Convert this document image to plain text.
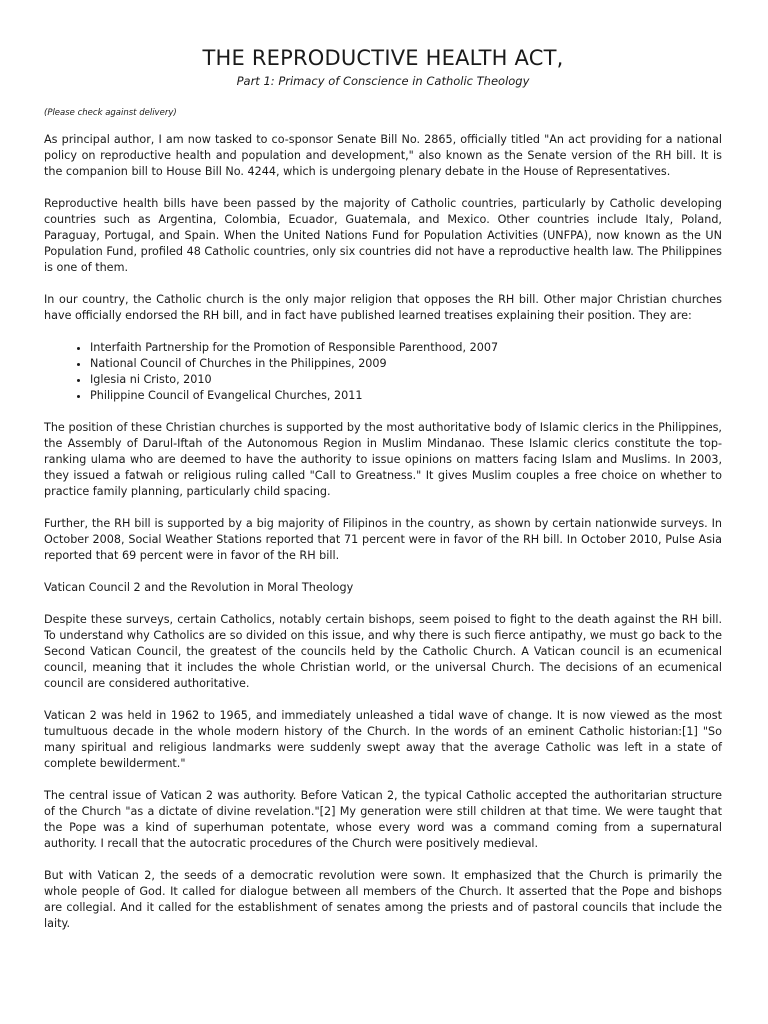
THE REPRODUCTIVE HEALTH ACT,
Part 1: Primacy of Conscience in Catholic Theology
(Please check against delivery)

As principal author, I am now tasked to co-sponsor Senate Bill No. 2865, officially titled "An act providing for a national policy on reproductive health and population and development," also known as the Senate version of the RH bill. It is the companion bill to House Bill No. 4244, which is undergoing plenary debate in the House of Representatives.

Reproductive health bills have been passed by the majority of Catholic countries, particularly by Catholic developing countries such as Argentina, Colombia, Ecuador, Guatemala, and Mexico. Other countries include Italy, Poland, Paraguay, Portugal, and Spain. When the United Nations Fund for Population Activities (UNFPA), now known as the UN Population Fund, profiled 48 Catholic countries, only six countries did not have a reproductive health law. The Philippines is one of them.

In our country, the Catholic church is the only major religion that opposes the RH bill. Other major Christian churches have officially endorsed the RH bill, and in fact have published learned treatises explaining their position. They are:

• Interfaith Partnership for the Promotion of Responsible Parenthood, 2007
• National Council of Churches in the Philippines, 2009
• Iglesia ni Cristo, 2010
• Philippine Council of Evangelical Churches, 2011

The position of these Christian churches is supported by the most authoritative body of Islamic clerics in the Philippines, the Assembly of Darul-Iftah of the Autonomous Region in Muslim Mindanao. These Islamic clerics constitute the top-ranking ulama who are deemed to have the authority to issue opinions on matters facing Islam and Muslims. In 2003, they issued a fatwah or religious ruling called "Call to Greatness." It gives Muslim couples a free choice on whether to practice family planning, particularly child spacing.

Further, the RH bill is supported by a big majority of Filipinos in the country, as shown by certain nationwide surveys. In October 2008, Social Weather Stations reported that 71 percent were in favor of the RH bill. In October 2010, Pulse Asia reported that 69 percent were in favor of the RH bill.

Vatican Council 2 and the Revolution in Moral Theology

Despite these surveys, certain Catholics, notably certain bishops, seem poised to fight to the death against the RH bill. To understand why Catholics are so divided on this issue, and why there is such fierce antipathy, we must go back to the Second Vatican Council, the greatest of the councils held by the Catholic Church. A Vatican council is an ecumenical council, meaning that it includes the whole Christian world, or the universal Church. The decisions of an ecumenical council are considered authoritative.

Vatican 2 was held in 1962 to 1965, and immediately unleashed a tidal wave of change. It is now viewed as the most tumultuous decade in the whole modern history of the Church. In the words of an eminent Catholic historian:[1] "So many spiritual and religious landmarks were suddenly swept away that the average Catholic was left in a state of complete bewilderment."

The central issue of Vatican 2 was authority. Before Vatican 2, the typical Catholic accepted the authoritarian structure of the Church "as a dictate of divine revelation."[2] My generation were still children at that time. We were taught that the Pope was a kind of superhuman potentate, whose every word was a command coming from a supernatural authority. I recall that the autocratic procedures of the Church were positively medieval.

But with Vatican 2, the seeds of a democratic revolution were sown. It emphasized that the Church is primarily the whole people of God. It called for dialogue between all members of the Church. It asserted that the Pope and bishops are collegial. And it called for the establishment of senates among the priests and of pastoral councils that include the laity.
